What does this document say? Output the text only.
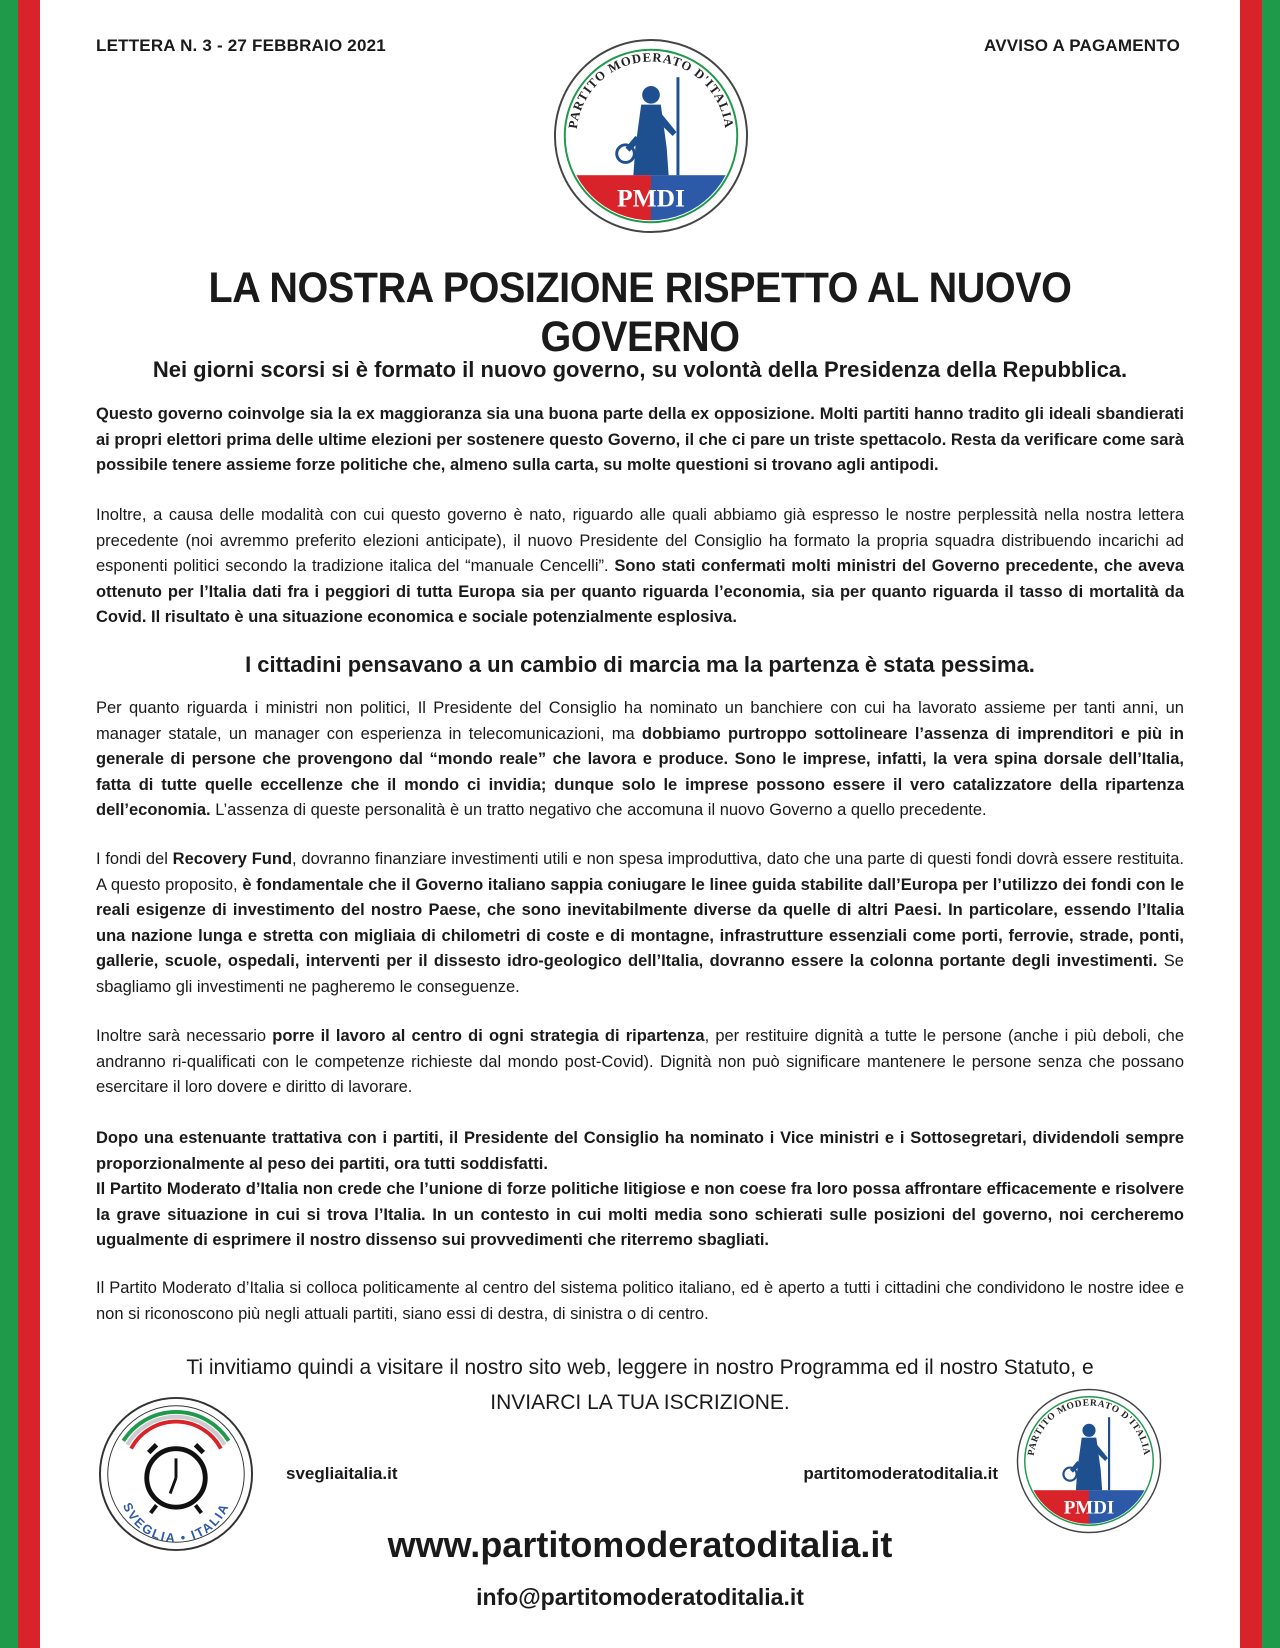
LETTERA N. 3 - 27 FEBBRAIO 2021	AVVISO A PAGAMENTO
PARTITO MODERATO D'ITALIA
PMDI
LA NOSTRA POSIZIONE RISPETTO AL NUOVO GOVERNO
Nei giorni scorsi si è formato il nuovo governo, su volontà della Presidenza della Repubblica.

Questo governo coinvolge sia la ex maggioranza sia una buona parte della ex opposizione. Molti partiti hanno tradito gli ideali sbandierati ai propri elettori prima delle ultime elezioni per sostenere questo Governo, il che ci pare un triste spettacolo. Resta da verificare come sarà possibile tenere assieme forze politiche che, almeno sulla carta, su molte questioni si trovano agli antipodi.

Inoltre, a causa delle modalità con cui questo governo è nato, riguardo alle quali abbiamo già espresso le nostre perplessità nella nostra lettera precedente (noi avremmo preferito elezioni anticipate), il nuovo Presidente del Consiglio ha formato la propria squadra distribuendo incarichi ad esponenti politici secondo la tradizione italica del “manuale Cencelli”. Sono stati confermati molti ministri del Governo precedente, che aveva ottenuto per l’Italia dati fra i peggiori di tutta Europa sia per quanto riguarda l’economia, sia per quanto riguarda il tasso di mortalità da Covid. Il risultato è una situazione economica e sociale potenzialmente esplosiva.

I cittadini pensavano a un cambio di marcia ma la partenza è stata pessima.

Per quanto riguarda i ministri non politici, Il Presidente del Consiglio ha nominato un banchiere con cui ha lavorato assieme per tanti anni, un manager statale, un manager con esperienza in telecomunicazioni, ma dobbiamo purtroppo sottolineare l’assenza di imprenditori e più in generale di persone che provengono dal “mondo reale” che lavora e produce. Sono le imprese, infatti, la vera spina dorsale dell’Italia, fatta di tutte quelle eccellenze che il mondo ci invidia; dunque solo le imprese possono essere il vero catalizzatore della ripartenza dell’economia. L’assenza di queste personalità è un tratto negativo che accomuna il nuovo Governo a quello precedente.

I fondi del Recovery Fund, dovranno finanziare investimenti utili e non spesa improduttiva, dato che una parte di questi fondi dovrà essere restituita. A questo proposito, è fondamentale che il Governo italiano sappia coniugare le linee guida stabilite dall’Europa per l’utilizzo dei fondi con le reali esigenze di investimento del nostro Paese, che sono inevitabilmente diverse da quelle di altri Paesi. In particolare, essendo l’Italia una nazione lunga e stretta con migliaia di chilometri di coste e di montagne, infrastrutture essenziali come porti, ferrovie, strade, ponti, gallerie, scuole, ospedali, interventi per il dissesto idro-geologico dell’Italia, dovranno essere la colonna portante degli investimenti. Se sbagliamo gli investimenti ne pagheremo le conseguenze.

Inoltre sarà necessario porre il lavoro al centro di ogni strategia di ripartenza, per restituire dignità a tutte le persone (anche i più deboli, che andranno ri-qualificati con le competenze richieste dal mondo post-Covid). Dignità non può significare mantenere le persone senza che possano esercitare il loro dovere e diritto di lavorare.

Dopo una estenuante trattativa con i partiti, il Presidente del Consiglio ha nominato i Vice ministri e i Sottosegretari, dividendoli sempre proporzionalmente al peso dei partiti, ora tutti soddisfatti.
Il Partito Moderato d’Italia non crede che l’unione di forze politiche litigiose e non coese fra loro possa affrontare efficacemente e risolvere la grave situazione in cui si trova l’Italia. In un contesto in cui molti media sono schierati sulle posizioni del governo, noi cercheremo ugualmente di esprimere il nostro dissenso sui provvedimenti che riterremo sbagliati.

Il Partito Moderato d’Italia si colloca politicamente al centro del sistema politico italiano, ed è aperto a tutti i cittadini che condividono le nostre idee e non si riconoscono più negli attuali partiti, siano essi di destra, di sinistra o di centro.

Ti invitiamo quindi a visitare il nostro sito web, leggere in nostro Programma ed il nostro Statuto, e
INVIARCI LA TUA ISCRIZIONE.
SVEGLIA • ITALIA
svegliaitalia.it	partitomoderatoditalia.it
PARTITO MODERATO D'ITALIA
PMDI
www.partitomoderatoditalia.it
info@partitomoderatoditalia.it
